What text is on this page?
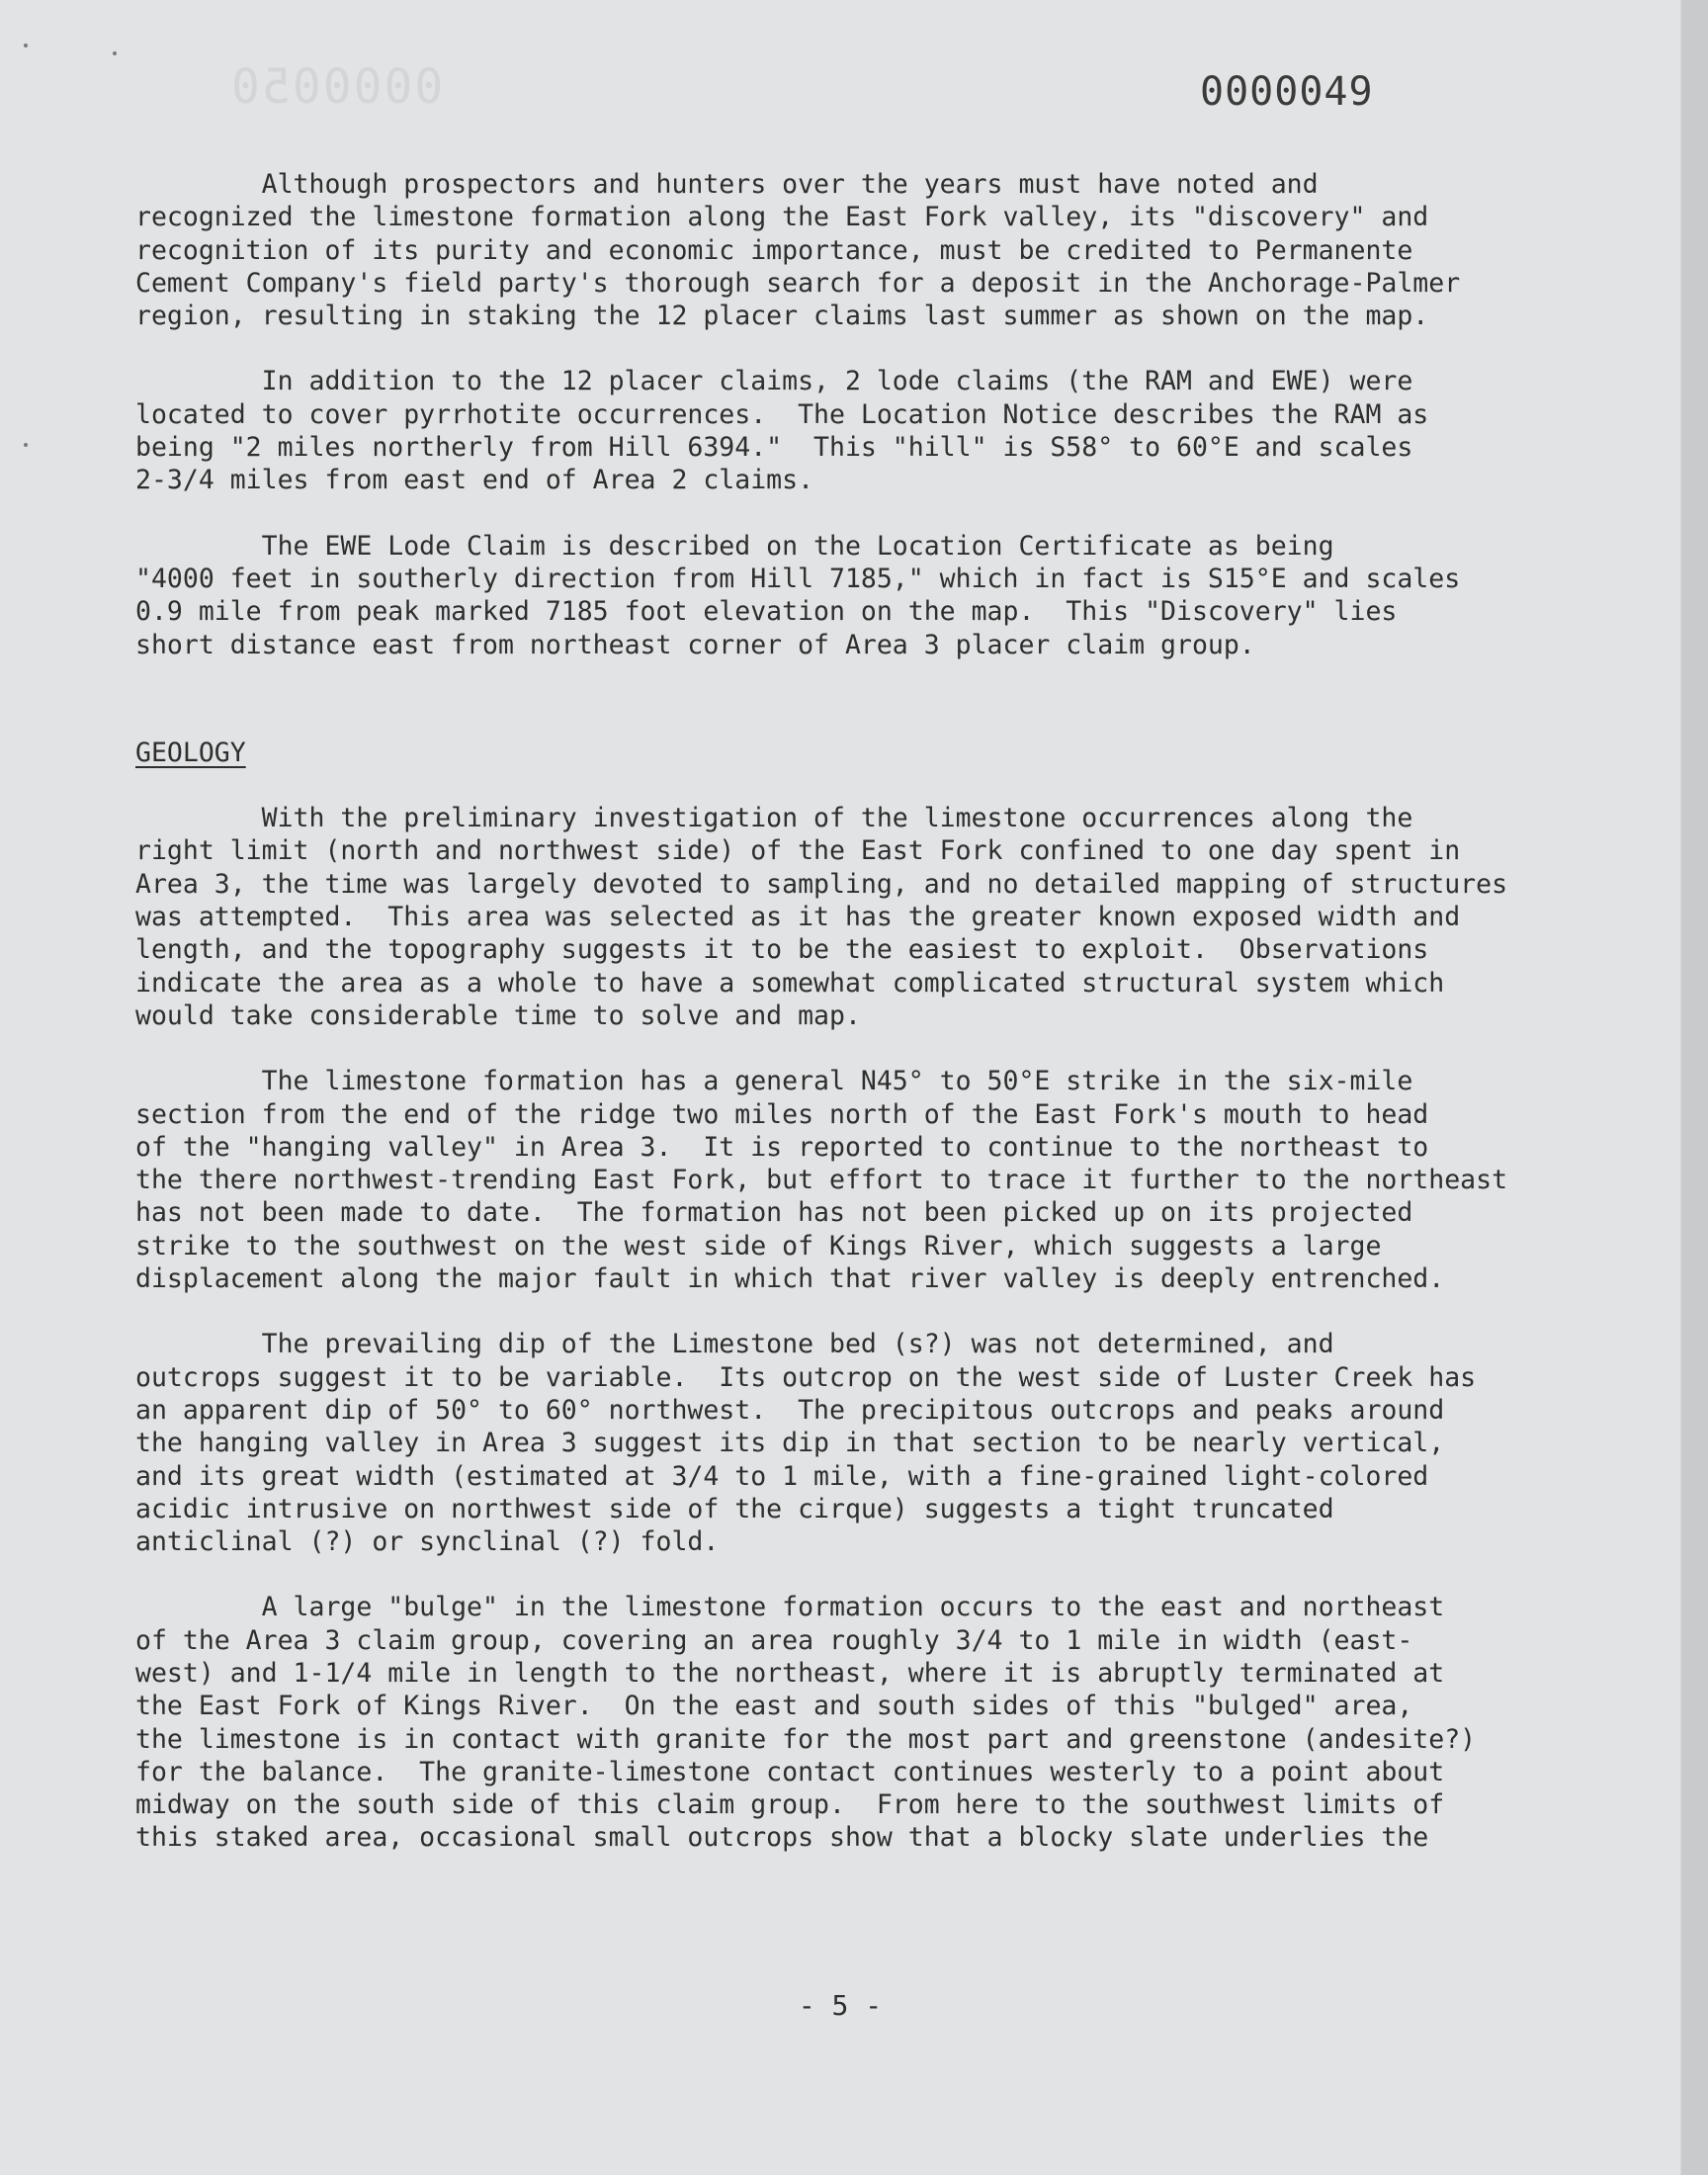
0000050	0000049

Although prospectors and hunters over the years must have noted and
recognized the limestone formation along the East Fork valley, its "discovery" and
recognition of its purity and economic importance, must be credited to Permanente
Cement Company's field party's thorough search for a deposit in the Anchorage-Palmer
region, resulting in staking the 12 placer claims last summer as shown on the map.

In addition to the 12 placer claims, 2 lode claims (the RAM and EWE) were
located to cover pyrrhotite occurrences.  The Location Notice describes the RAM as
being "2 miles northerly from Hill 6394."  This "hill" is S58° to 60°E and scales
2-3/4 miles from east end of Area 2 claims.

The EWE Lode Claim is described on the Location Certificate as being
"4000 feet in southerly direction from Hill 7185," which in fact is S15°E and scales
0.9 mile from peak marked 7185 foot elevation on the map.  This "Discovery" lies
short distance east from northeast corner of Area 3 placer claim group.

GEOLOGY

With the preliminary investigation of the limestone occurrences along the
right limit (north and northwest side) of the East Fork confined to one day spent in
Area 3, the time was largely devoted to sampling, and no detailed mapping of structures
was attempted.  This area was selected as it has the greater known exposed width and
length, and the topography suggests it to be the easiest to exploit.  Observations
indicate the area as a whole to have a somewhat complicated structural system which
would take considerable time to solve and map.

The limestone formation has a general N45° to 50°E strike in the six-mile
section from the end of the ridge two miles north of the East Fork's mouth to head
of the "hanging valley" in Area 3.  It is reported to continue to the northeast to
the there northwest-trending East Fork, but effort to trace it further to the northeast
has not been made to date.  The formation has not been picked up on its projected
strike to the southwest on the west side of Kings River, which suggests a large
displacement along the major fault in which that river valley is deeply entrenched.

The prevailing dip of the Limestone bed (s?) was not determined, and
outcrops suggest it to be variable.  Its outcrop on the west side of Luster Creek has
an apparent dip of 50° to 60° northwest.  The precipitous outcrops and peaks around
the hanging valley in Area 3 suggest its dip in that section to be nearly vertical,
and its great width (estimated at 3/4 to 1 mile, with a fine-grained light-colored
acidic intrusive on northwest side of the cirque) suggests a tight truncated
anticlinal (?) or synclinal (?) fold.

A large "bulge" in the limestone formation occurs to the east and northeast
of the Area 3 claim group, covering an area roughly 3/4 to 1 mile in width (east-
west) and 1-1/4 mile in length to the northeast, where it is abruptly terminated at
the East Fork of Kings River.  On the east and south sides of this "bulged" area,
the limestone is in contact with granite for the most part and greenstone (andesite?)
for the balance.  The granite-limestone contact continues westerly to a point about
midway on the south side of this claim group.  From here to the southwest limits of
this staked area, occasional small outcrops show that a blocky slate underlies the

- 5 -
